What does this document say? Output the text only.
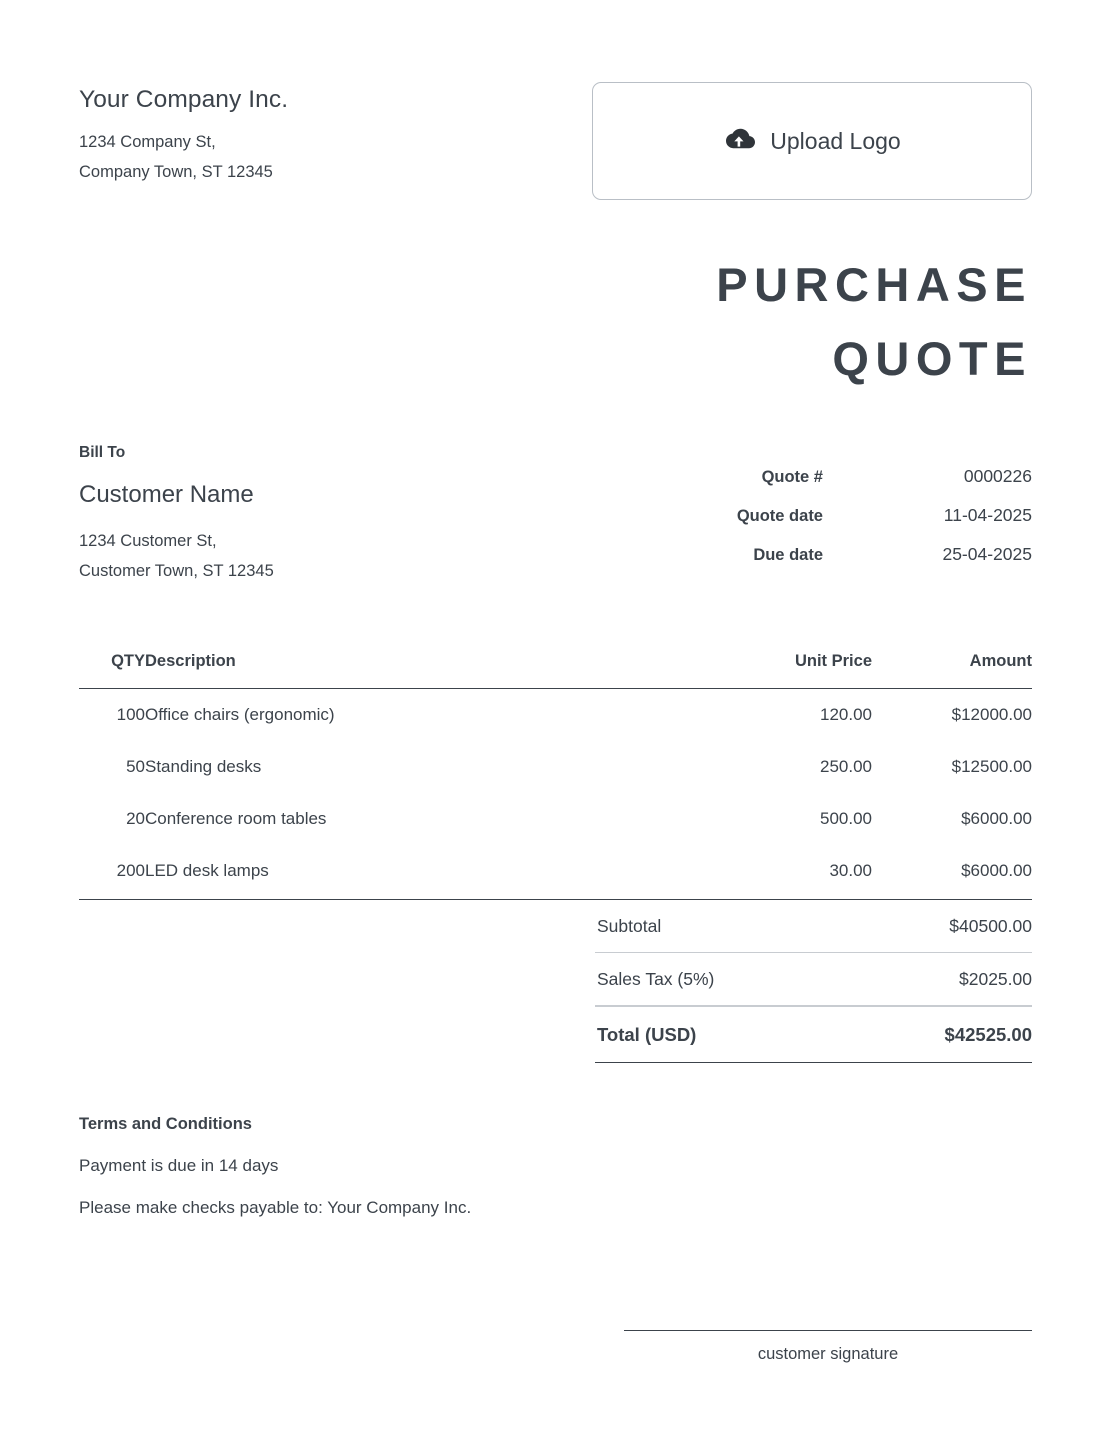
Your Company Inc.
1234 Company St,
Company Town, ST 12345
Upload Logo
PURCHASE
QUOTE
Bill To
Customer Name
1234 Customer St,
Customer Town, ST 12345
Quote #	0000226
Quote date	11-04-2025
Due date	25-04-2025
QTY	Description	Unit Price	Amount
100	Office chairs (ergonomic)	120.00	$12000.00
50	Standing desks	250.00	$12500.00
20	Conference room tables	500.00	$6000.00
200	LED desk lamps	30.00	$6000.00
Subtotal	$40500.00
Sales Tax (5%)	$2025.00
Total (USD)	$42525.00
Terms and Conditions
Payment is due in 14 days
Please make checks payable to: Your Company Inc.
customer signature
